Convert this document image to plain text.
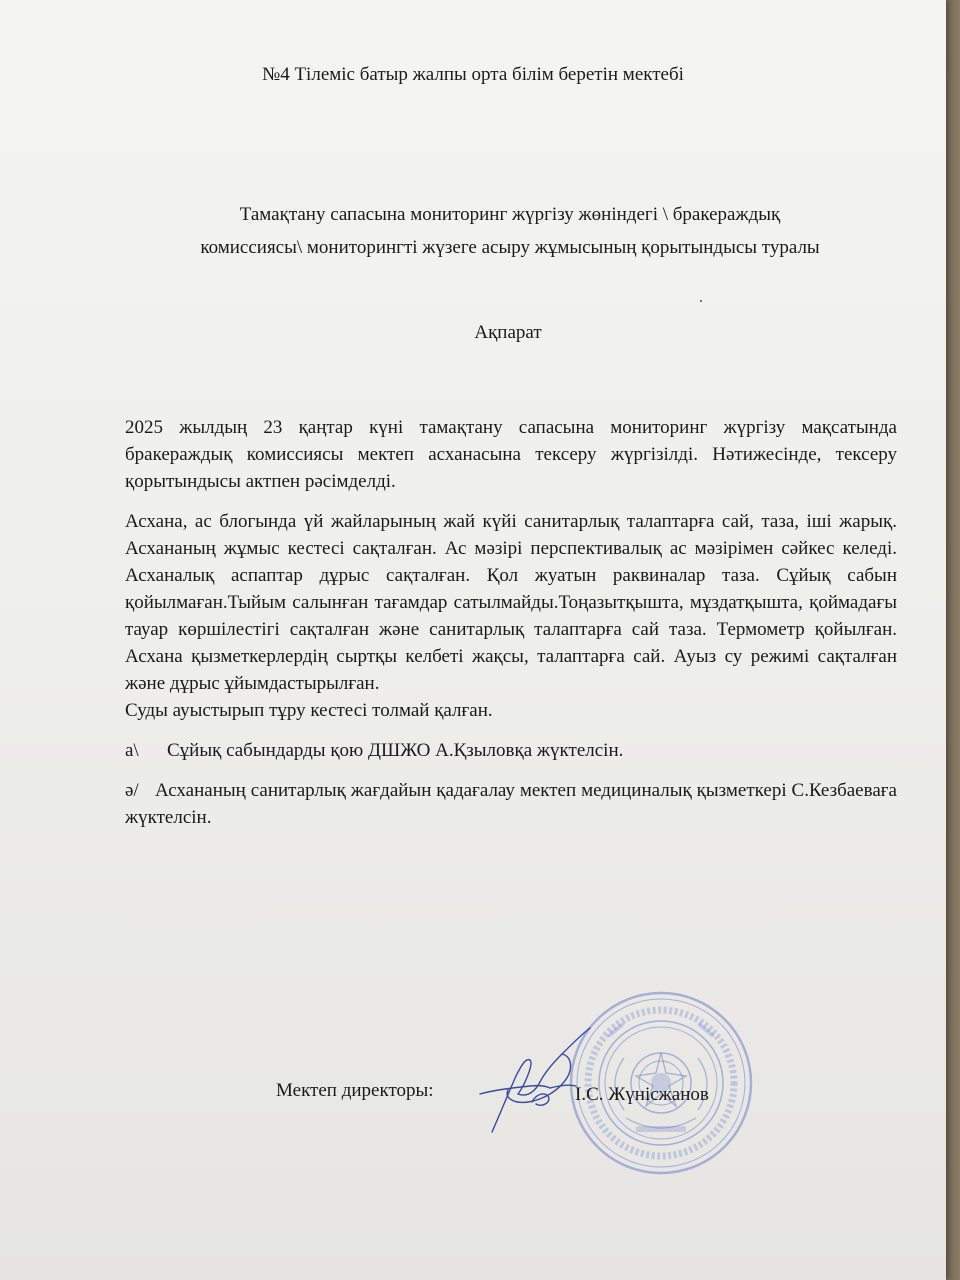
№4 Тілеміс батыр жалпы орта білім беретін мектебі
Тамақтану сапасына мониторинг жүргізу жөніндегі \ бракераждық
комиссиясы\ мониторингті жүзеге асыру жұмысының қорытындысы туралы
Ақпарат

2025 жылдың 23 қаңтар күні тамақтану сапасына мониторинг жүргізу мақсатында бракераждық комиссиясы мектеп асханасына тексеру жүргізілді. Нәтижесінде, тексеру қорытындысы актпен рәсімделді.

Асхана, ас блогында үй жайларының жай күйі санитарлық талаптарға сай, таза, іші жарық. Асхананың жұмыс кестесі сақталған. Ас мәзірі перспективалық ас мәзірімен сәйкес келеді. Асханалық аспаптар дұрыс сақталған. Қол жуатын раквиналар таза. Сұйық сабын қойылмаған.Тыйым салынған тағамдар сатылмайды.Тоңазытқышта, мұздатқышта, қоймадағы тауар көршілестігі сақталған және санитарлық талаптарға сай таза. Термометр қойылған. Асхана қызметкерлердің сыртқы келбеті жақсы, талаптарға сай. Ауыз су режимі сақталған және дұрыс ұйымдастырылған.

Суды ауыстырып тұру кестесі толмай қалған.

а\ Сұйық сабындарды қою ДШЖО А.Қзыловқа жүктелсін.

ә/ Асхананың санитарлық жағдайын қадағалау мектеп медициналық қызметкері С.Кезбаеваға жүктелсін.

Мектеп директоры:	І.С. Жүнісжанов
